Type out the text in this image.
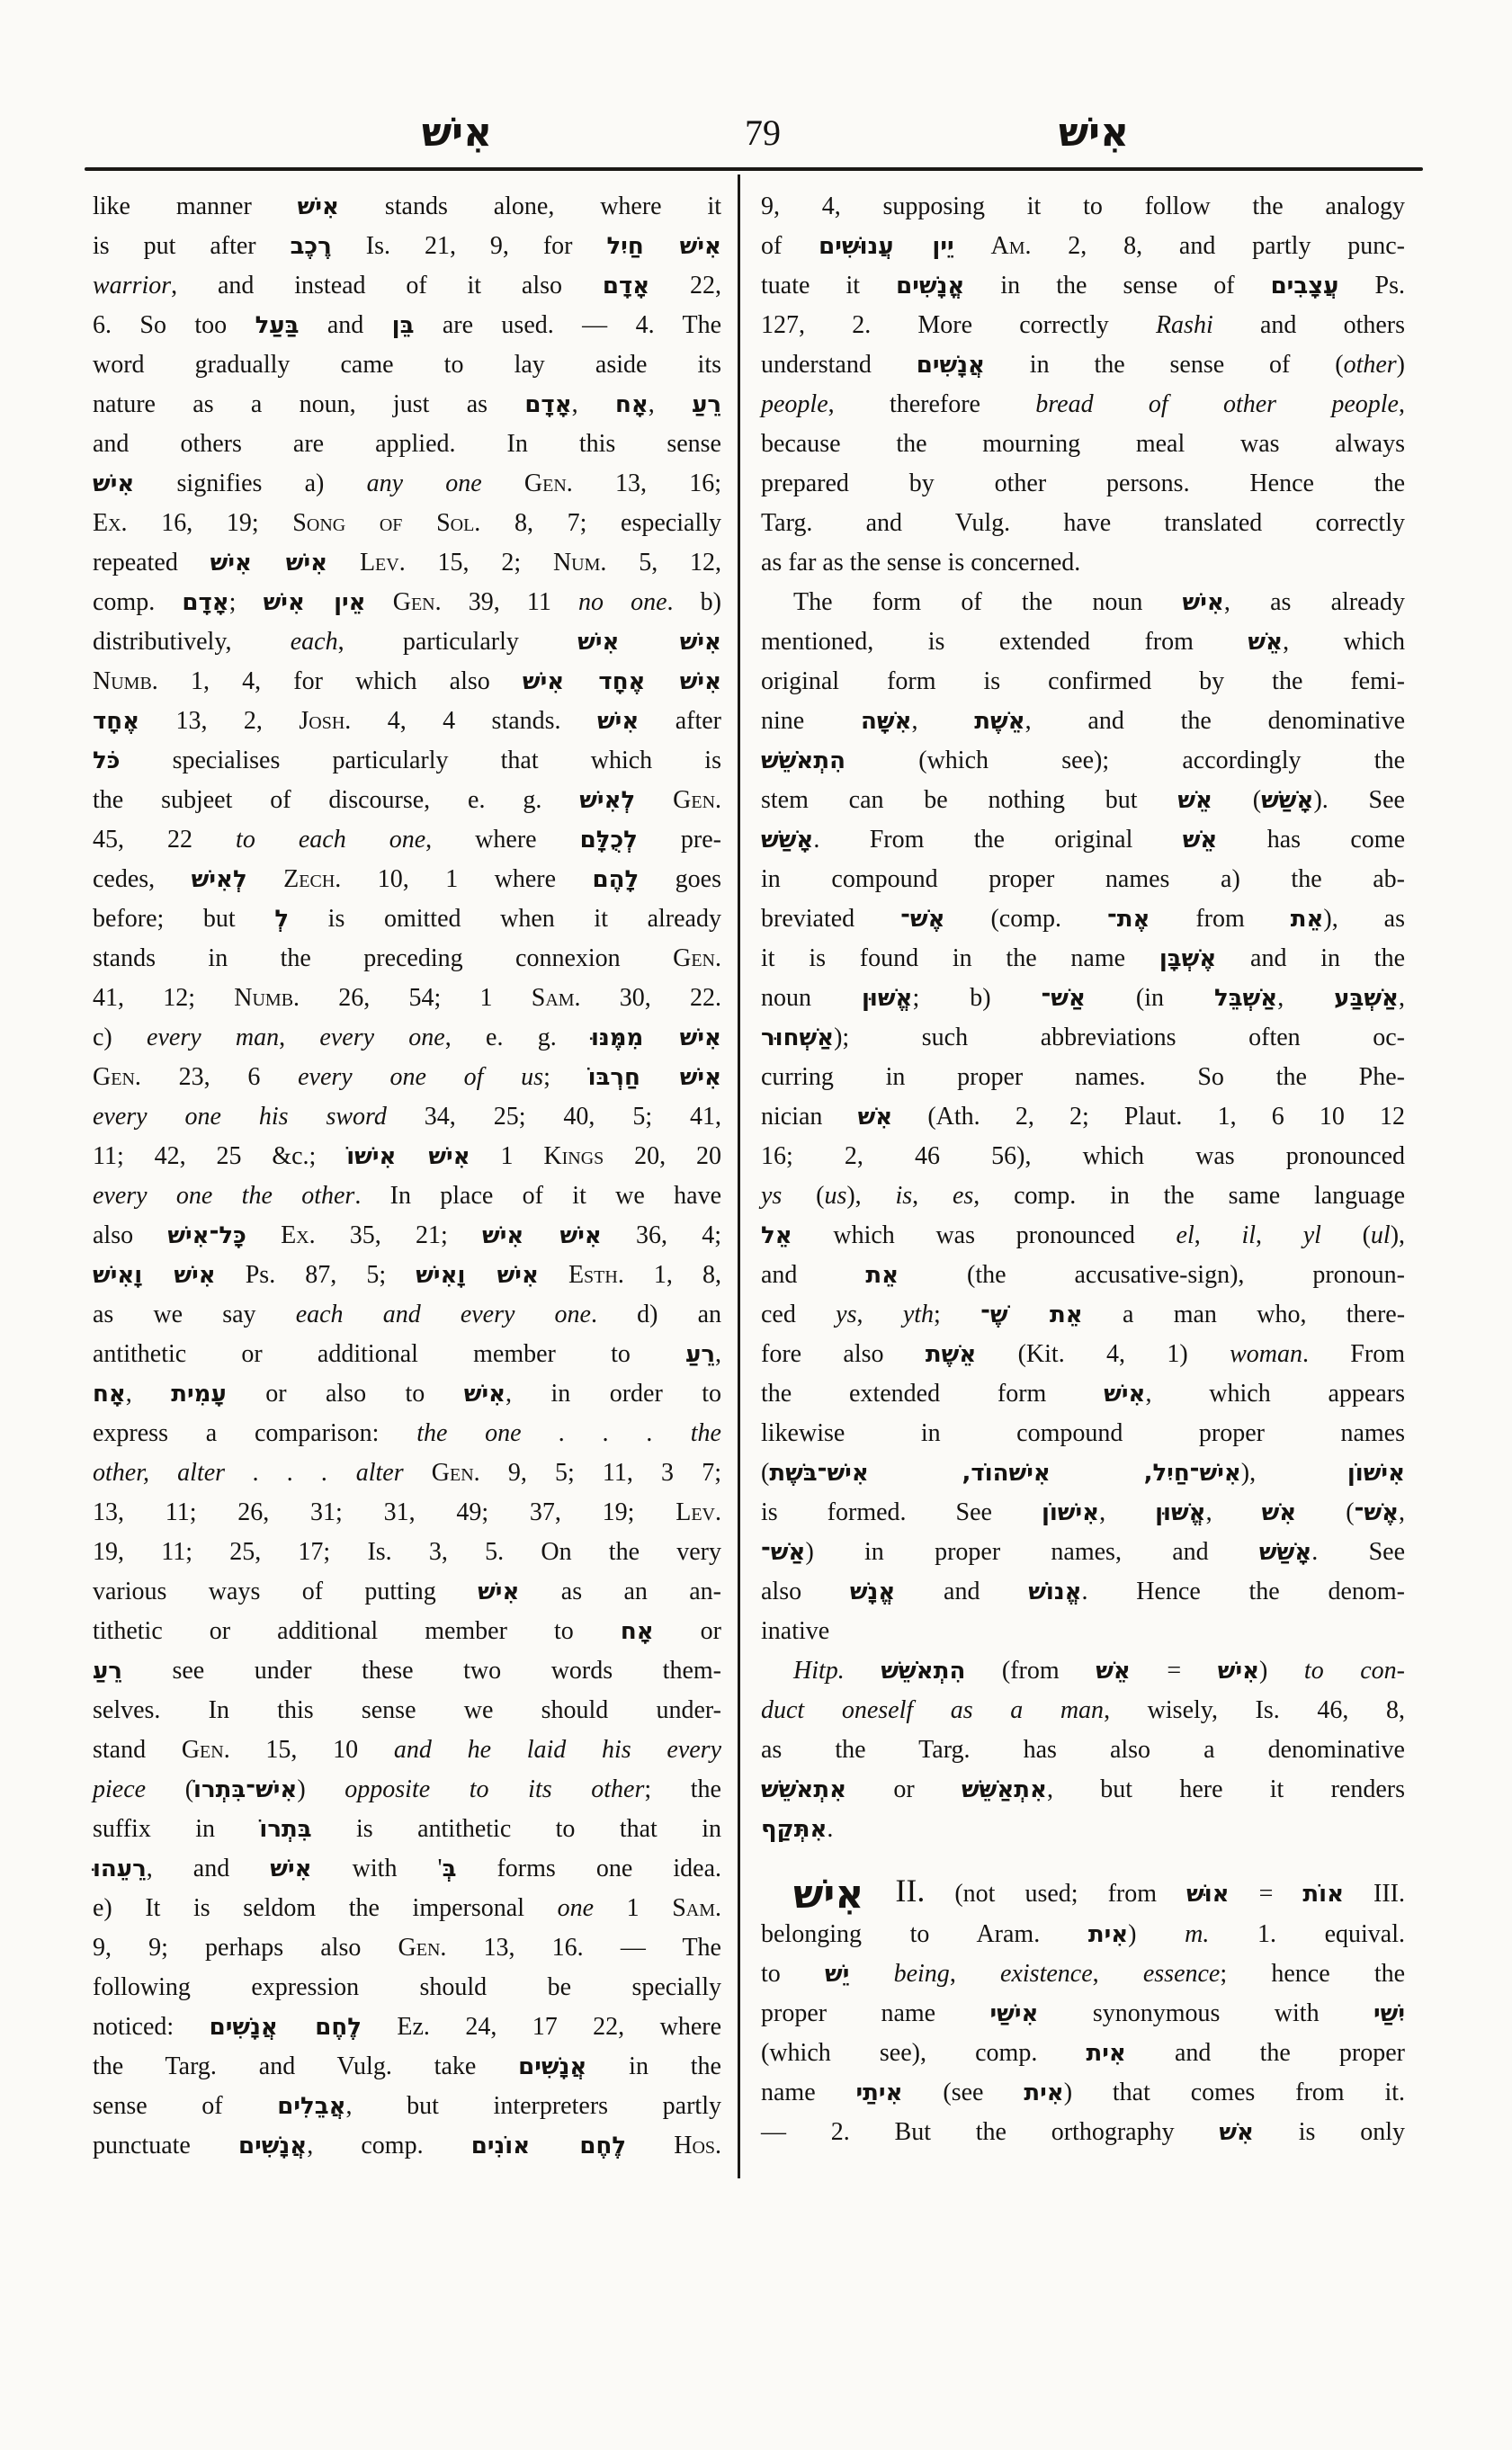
אִישׁ	79	אִישׁ
like manner אִישׁ stands alone, where it
is put after רֶכֶב Is. 21, 9, for אִישׁ חַיִל
warrior, and instead of it also אָדָם 22,
6. So too בַּעַל and בֵּן are used. — 4. The
word gradually came to lay aside its
nature as a noun, just as אָדָם, אָח, רֵעַ
and others are applied. In this sense
אִישׁ signifies a) any one Gen. 13, 16;
Ex. 16, 19; Song of Sol. 8, 7; especially
repeated אִישׁ אִישׁ Lev. 15, 2; Num. 5, 12,
comp. אָדָם; אֵין אִישׁ Gen. 39, 11 no one. b)
distributively, each, particularly אִישׁ אִישׁ
Numb. 1, 4, for which also אִישׁ אֶחָד אִישׁ
אֶחָד 13, 2, Josh. 4, 4 stands. אִישׁ after
כֹּל specialises particularly that which is
the subjeet of discourse, e. g. לְאִישׁ Gen.
45, 22 to each one, where לְכֻלָּם pre-
cedes, לְאִישׁ Zech. 10, 1 where לָהֶם goes
before; but לְ is omitted when it already
stands in the preceding connexion Gen.
41, 12; Numb. 26, 54; 1 Sam. 30, 22.
c) every man, every one, e. g. אִישׁ מִמֶּנּוּ
Gen. 23, 6 every one of us; אִישׁ חַרְבּוֹ
every one his sword 34, 25; 40, 5; 41,
11; 42, 25 &c.; אִישׁ אִישׁוֹ 1 Kings 20, 20
every one the other. In place of it we have
also כָּל־אִישׁ Ex. 35, 21; אִישׁ אִישׁ 36, 4;
אִישׁ וָאִישׁ Ps. 87, 5; אִישׁ וָאִישׁ Esth. 1, 8,
as we say each and every one. d) an
antithetic or additional member to רֵעַ,
אָח, עָמִית or also to אִישׁ, in order to
express a comparison: the one . . . the
other, alter . . . alter Gen. 9, 5; 11, 3 7;
13, 11; 26, 31; 31, 49; 37, 19; Lev.
19, 11; 25, 17; Is. 3, 5. On the very
various ways of putting אִישׁ as an an-
tithetic or additional member to אָח or
רֵעַ see under these two words them-
selves. In this sense we should under-
stand Gen. 15, 10 and he laid his every
piece (אִישׁ־בִּתְרוֹ) opposite to its other; the
suffix in בִּתְרוֹ is antithetic to that in
רֵעֵהוּ, and אִישׁ with 'בְּ forms one idea.
e) It is seldom the impersonal one 1 Sam.
9, 9; perhaps also Gen. 13, 16. — The
following expression should be specially
noticed: לֶחֶם אֲנָשִׁים Ez. 24, 17 22, where
the Targ. and Vulg. take אֲנָשִׁים in the
sense of אֲבֵלִים, but interpreters partly
punctuate אֲנָשִׁים, comp. לֶחֶם אוֹנִים Hos.
9, 4, supposing it to follow the analogy
of יֵין עֲנוּשִׁים Am. 2, 8, and partly punc-
tuate it אֳנָשִׁים in the sense of עֲצָבִים Ps.
127, 2. More correctly Rashi and others
understand אֲנָשִׁים in the sense of (other)
people, therefore bread of other people,
because the mourning meal was always
prepared by other persons. Hence the
Targ. and Vulg. have translated correctly
as far as the sense is concerned.
The form of the noun אִישׁ, as already
mentioned, is extended from אֵשׁ, which
original form is confirmed by the femi-
nine אִשָּׁה, אֵשֶׁת, and the denominative
הִתְאֹשֵׁשׁ (which see); accordingly the
stem can be nothing but אֵשׁ (אָשַׁשׁ). See
אָשַׁשׁ. From the original אֵשׁ has come
in compound proper names a) the ab-
breviated אֶשׁ־ (comp. אֶת־ from אֵת), as
it is found in the name אֶשְׁבָּן and in the
noun אֱשּׁוּן; b) אַשׁ־ (in אַשְׁבֵּל, אַשְׁבַּע,
אַשְׁחוּר); such abbreviations often oc-
curring in proper names. So the Phe-
nician אִשׁ (Ath. 2, 2; Plaut. 1, 6 10 12
16; 2, 46 56), which was pronounced
ys (us), is, es, comp. in the same language
אֵל which was pronounced el, il, yl (ul),
and אֵת (the accusative-sign), pronoun-
ced ys, yth; אֵת שֶׁ־ a man who, there-
fore also אֵשֶׁת (Kit. 4, 1) woman. From
the extended form אִישׁ, which appears
likewise in compound proper names
(אִישׁ־חַיִל, אִישׁהוֹד, אִישׁ־בּשֶׁת), אִישׁוֹן
is formed. See אִישׁוֹן, אֱשּׁוּן, אִשׁ (אֶשׁ־,
אַשׁ־) in proper names, and אָשַׁשׁ. See
also אֱנָשׁ and אֱנוֹשׁ. Hence the denom-
inative
Hitp. הִתְאֹשֵׁשׁ (from אֵשׁ = אִישׁ) to con-
duct oneself as a man, wisely, Is. 46, 8,
as the Targ. has also a denominative
אִתְאֹשֵׁשׁ or אִתְאַשֵּׁשׁ, but here it renders
אִתְּקַף.
אִישׁ II. (not used; from אוּשׁ = אוֹת III.
belonging to Aram. אִית) m. 1. equival.
to יֵשׁ being, existence, essence; hence the
proper name אִישַׁי synonymous with יִשַׁי
(which see), comp. אִית and the proper
name אִיתַי (see אִית) that comes from it.
— 2. But the orthography אִשׁ is only
